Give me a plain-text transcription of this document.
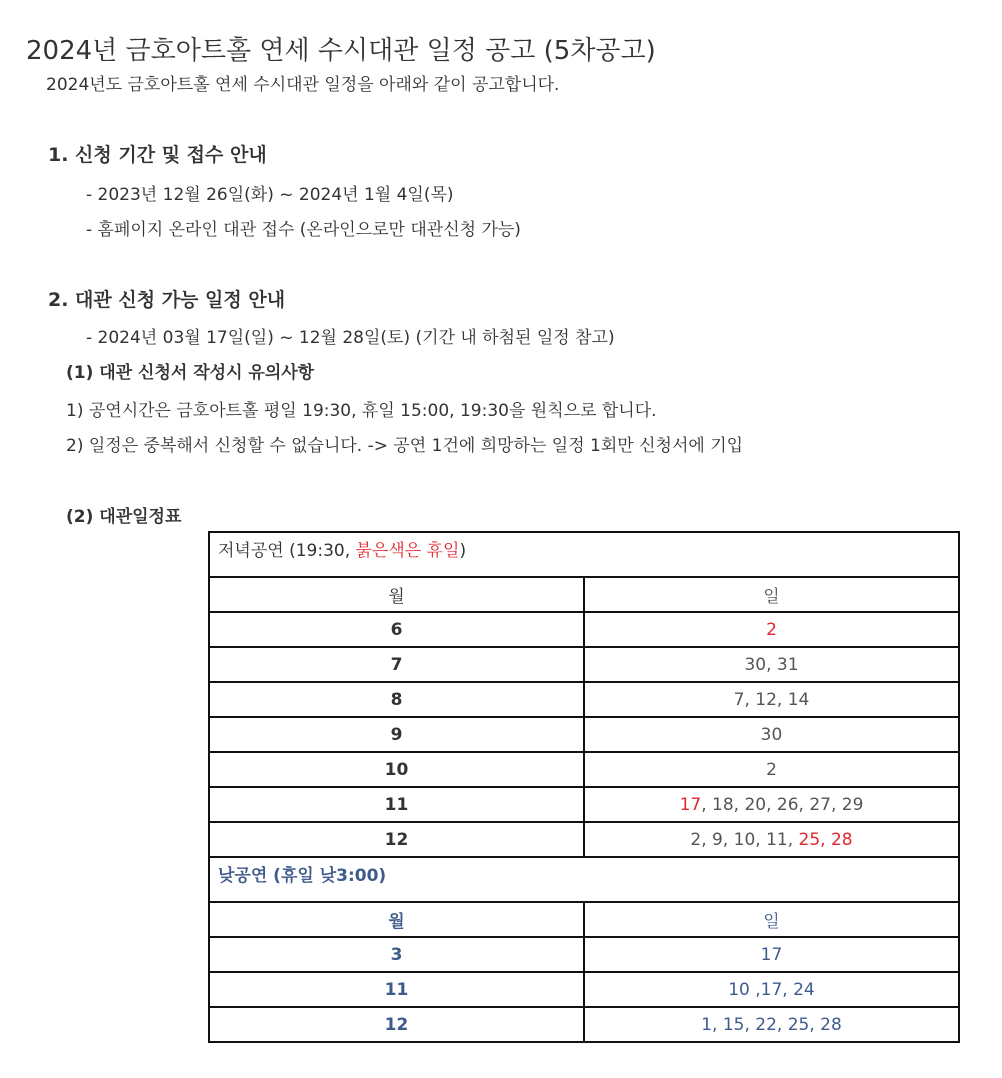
2024년 금호아트홀 연세 수시대관 일정 공고 (5차공고)
2024년도 금호아트홀 연세 수시대관 일정을 아래와 같이 공고합니다.
1. 신청 기간 및 접수 안내
- 2023년 12월 26일(화) ~ 2024년 1월 4일(목)
- 홈페이지 온라인 대관 접수 (온라인으로만 대관신청 가능)
2. 대관 신청 가능 일정 안내
- 2024년 03월 17일(일) ~ 12월 28일(토) (기간 내 하첨된 일정 참고)
(1) 대관 신청서 작성시 유의사항
1) 공연시간은 금호아트홀 평일 19:30, 휴일 15:00, 19:30을 원칙으로 합니다.
2) 일정은 중복해서 신청할 수 없습니다. -> 공연 1건에 희망하는 일정 1회만 신청서에 기입
(2) 대관일정표
저녁공연 (19:30, 붉은색은 휴일)	
월	일
6	2
7	30, 31
8	7, 12, 14
9	30
10	2
11	17, 18, 20, 26, 27, 29
12	2, 9, 10, 11, 25, 28
낮공연 (휴일 낮3:00)	
월	일
3	17
11	10 ,17, 24
12	1, 15, 22, 25, 28
